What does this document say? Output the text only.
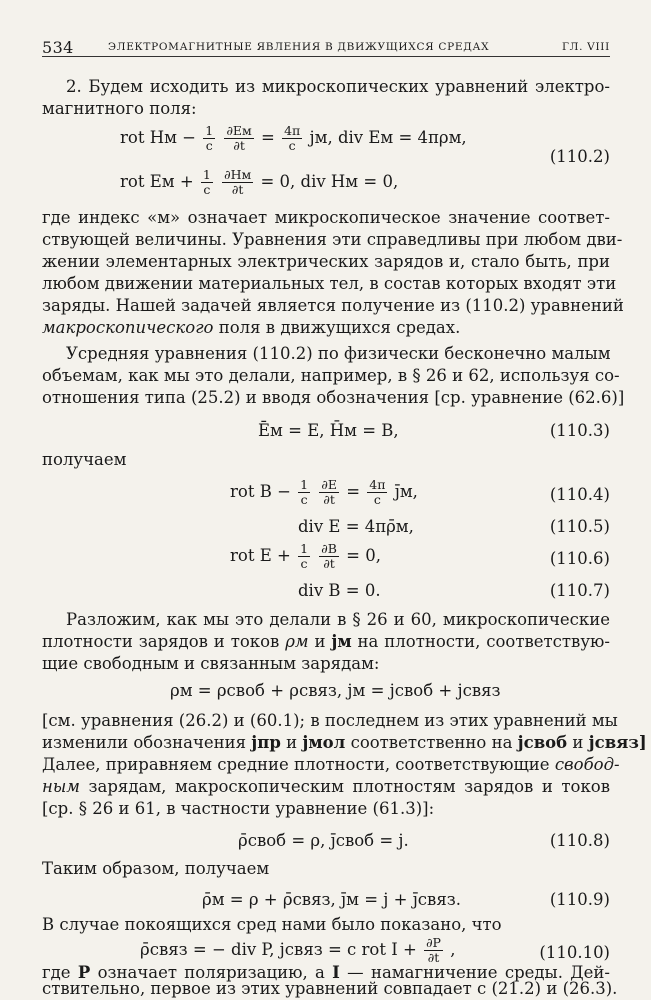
534	ЭЛЕКТРОМАГНИТНЫЕ ЯВЛЕНИЯ В ДВИЖУЩИХСЯ СРЕДАХ	ГЛ. VIII
2. Будем исходить из микроскопических уравнений электро-
магнитного поля:
rot Hм − $\frac{1}{c}$
$\frac{\partial Eм}{\partial t} = \frac{4\pi}{c}$ jм, div Eм = 4πρм,
rot Eм + $\frac{1}{c}$
$\frac{\partial Hм}{\partial t} = 0$, div Hм = 0,
(110.2)
где индекс «м» означает микроскопическое значение соответ-
ствующей величины. Уравнения эти справедливы при любом дви-
жении элементарных электрических зарядов и, стало быть, при
любом движении материальных тел, в состав которых входят эти
заряды. Нашей задачей является получение из (110.2) уравнений
макроскопического поля в движущихся средах.
Усредняя уравнения (110.2) по физически бесконечно малым
объемам, как мы это делали, например, в § 26 и 62, используя со-
отношения типа (25.2) и вводя обозначения [ср. уравнение (62.6)]
Ēм = E, H̄м = B,	(110.3)
получаем
rot $B - \frac{1}{c}$
$\frac{\partial E}{\partial t} = \frac{4\pi}{c}$ j̄м,	(110.4)
div E = 4πρ̄м,	(110.5)
rot $E + \frac{1}{c}$
$\frac{\partial B}{\partial t} = 0$,	(110.6)
div B = 0.	(110.7)
Разложим, как мы это делали в § 26 и 60, микроскопические
плотности зарядов и токов ρм и jм на плотности, соответствую-
щие свободным и связанным зарядам:
ρм = ρсвоб + ρсвяз, jм = jсвоб + jсвяз
[см. уравнения (26.2) и (60.1); в последнем из этих уравнений мы
изменили обозначения jпр и jмол соответственно на jсвоб и jсвяз]
Далее, приравняем средние плотности, соответствующие свобод-
ным зарядам, макроскопическим плотностям зарядов и токов
[ср. § 26 и 61, в частности уравнение (61.3)]:
ρ̄своб = ρ, j̄своб = j.	(110.8)
Таким образом, получаем
ρ̄м = ρ + ρ̄связ, j̄м = j + j̄связ.	(110.9)
В случае покоящихся сред нами было показано, что
ρ̄связ = − div P, jсвяз = c rot $I + \frac{\partial P}{\partial t}$ ,	(110.10)
где P означает поляризацию, а I — намагничение среды. Дей-
ствительно, первое из этих уравнений совпадает с (21.2) и (26.3).
